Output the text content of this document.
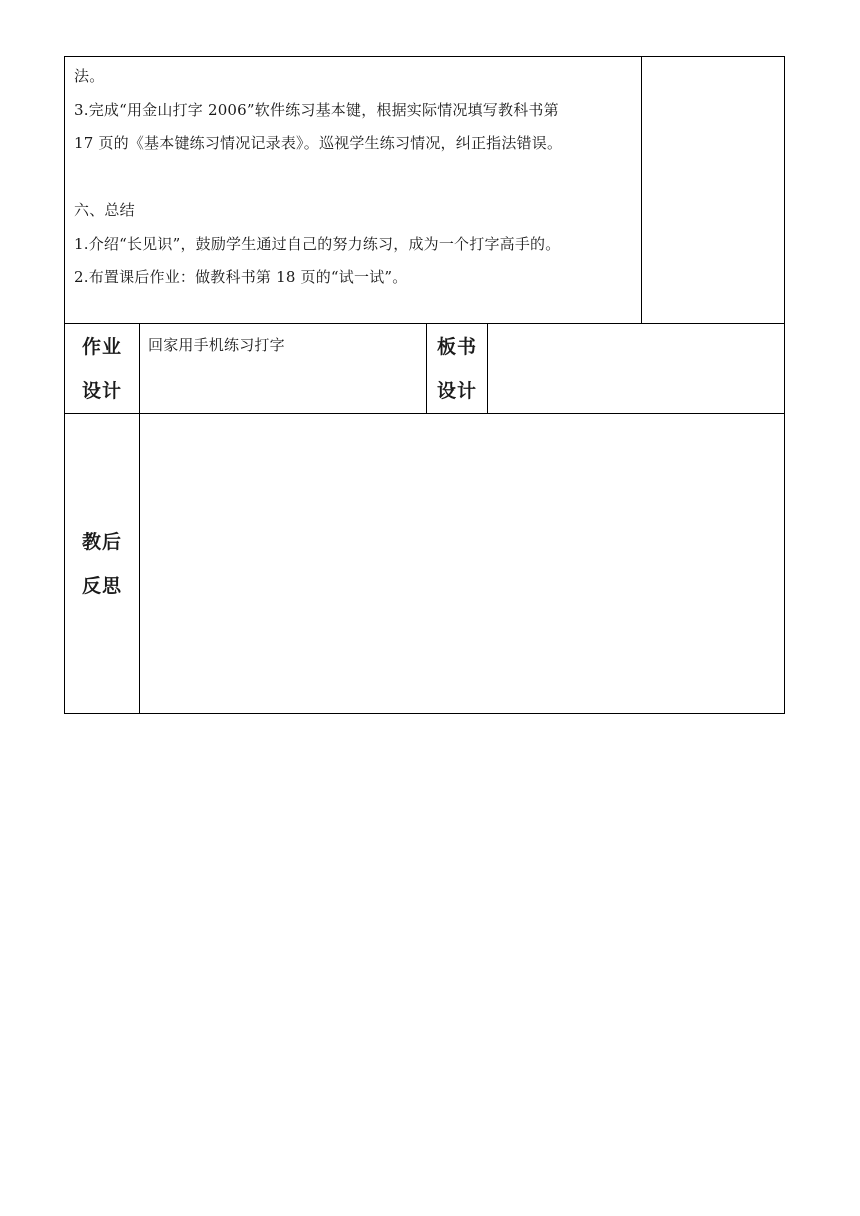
法。
3.完成“用金山打字 2006”软件练习基本键，根据实际情况填写教科书第
17 页的《基本键练习情况记录表》。巡视学生练习情况，纠正指法错误。
六、总结
1.介绍“长见识”，鼓励学生通过自己的努力练习，成为一个打字高手的。
2.布置课后作业：做教科书第 18 页的“试一试”。
作业
设计
回家用手机练习打字	板书
设计
教后
反思
